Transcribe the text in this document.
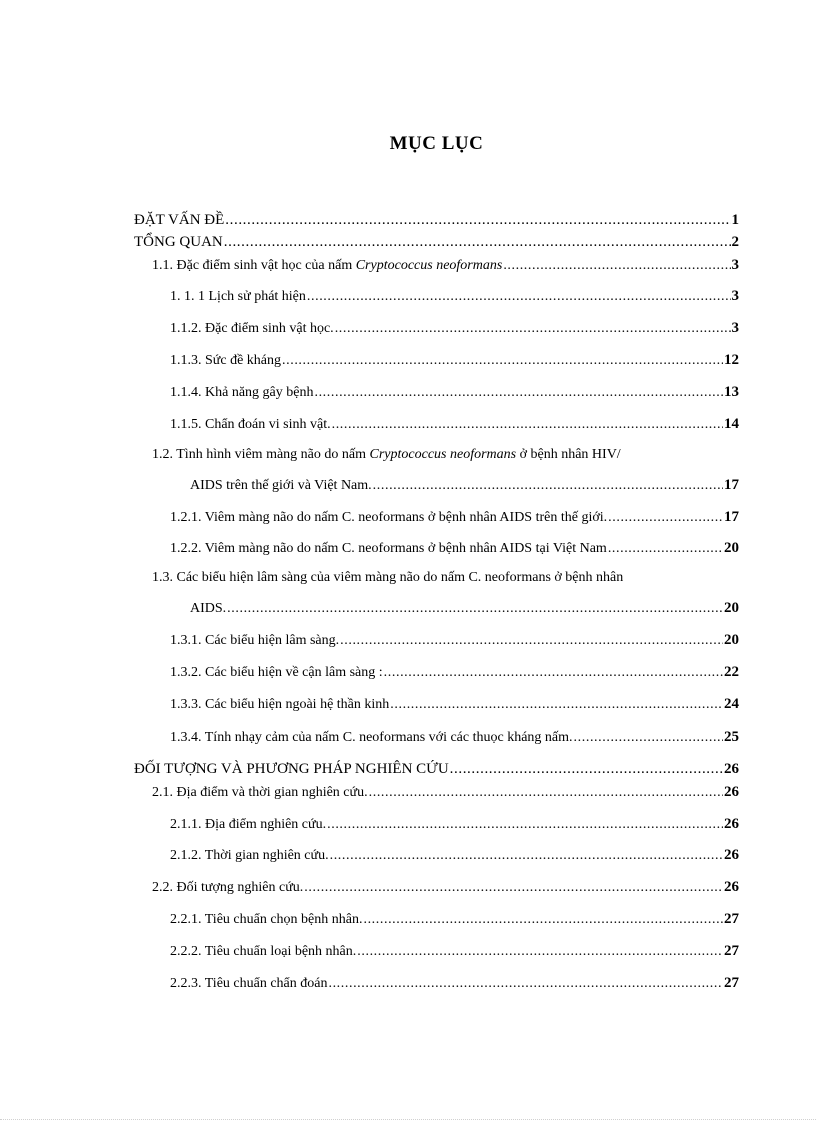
MỤC LỤC
ĐẶT VẤN ĐỀ .....	1
TỔNG QUAN .....	2
1.1. Đặc điểm sinh vật học của nấm Cryptococcus neoformans .....	3
1. 1. 1 Lịch sử phát hiện .....	3
1.1.2. Đặc điểm sinh vật học. .....	3
1.1.3. Sức đề kháng .....	12
1.1.4. Khả năng gây bệnh .....	13
1.1.5. Chẩn đoán vi sinh vật. .....	14
1.2. Tình hình viêm màng não do nấm Cryptococcus neoformans ở bệnh nhân HIV/
AIDS trên thế giới và Việt Nam. .....	17
1.2.1. Viêm màng não do nấm C. neoformans ở bệnh nhân AIDS trên thế giới. .....	17
1.2.2. Viêm màng não do nấm C. neoformans ở bệnh nhân AIDS tại Việt Nam .....	20
1.3. Các biểu hiện lâm sàng của viêm màng não do nấm C. neoformans ở bệnh nhân
AIDS. .....	20
1.3.1. Các biểu hiện lâm sàng. .....	20
1.3.2. Các biểu hiện về cận lâm sàng : .....	22
1.3.3. Các biểu hiện ngoài hệ thần kinh .....	24
1.3.4. Tính nhạy cảm của nấm C. neoformans với các thuọc kháng nấm. .....	25
ĐỐI TƯỢNG VÀ PHƯƠNG PHÁP NGHIÊN CỨU .....	26
2.1. Địa điểm và thời gian nghiên cứu. .....	26
2.1.1. Địa điểm nghiên cứu. .....	26
2.1.2. Thời gian nghiên cứu. .....	26
2.2. Đối tượng nghiên cứu. .....	26
2.2.1. Tiêu chuẩn chọn bệnh nhân. .....	27
2.2.2. Tiêu chuẩn loại bệnh nhân. .....	27
2.2.3. Tiêu chuẩn chẩn đoán .....	27
